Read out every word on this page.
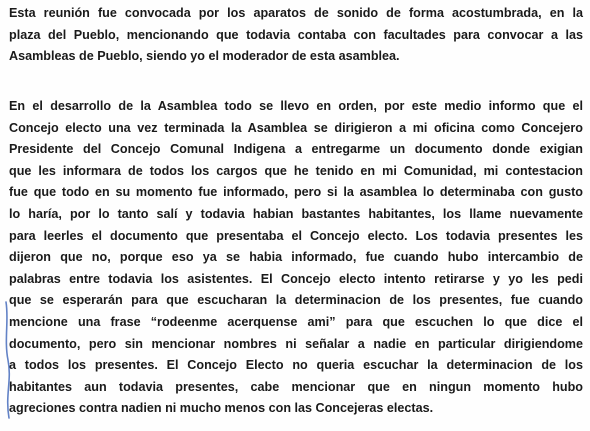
Esta reunión fue convocada por los aparatos de sonido de forma acostumbrada, en la
plaza del Pueblo, mencionando que todavia contaba con facultades para convocar a las
Asambleas de Pueblo, siendo yo el moderador de esta asamblea.
En el desarrollo de la Asamblea todo se llevo en orden, por este medio informo que el
Concejo electo una vez terminada la Asamblea se dirigieron a mi oficina como Concejero
Presidente del Concejo Comunal Indigena a entregarme un documento donde exigian
que les informara de todos los cargos que he tenido en mi Comunidad, mi contestacion
fue que todo en su momento fue informado, pero si la asamblea lo determinaba con gusto
lo haría, por lo tanto salí y todavia habian bastantes habitantes, los llame nuevamente
para leerles el documento que presentaba el Concejo electo. Los todavia presentes les
dijeron que no, porque eso ya se habia informado, fue cuando hubo intercambio de
palabras entre todavia los asistentes. El Concejo electo intento retirarse y yo les pedi
que se esperarán para que escucharan la determinacion de los presentes, fue cuando
mencione una frase “rodeenme acerquense ami” para que escuchen lo que dice el
documento, pero sin mencionar nombres ni señalar a nadie en particular dirigiendome
a todos los presentes. El Concejo Electo no queria escuchar la determinacion de los
habitantes aun todavia presentes, cabe mencionar que en ningun momento hubo
agreciones contra nadien ni mucho menos con las Concejeras electas.
